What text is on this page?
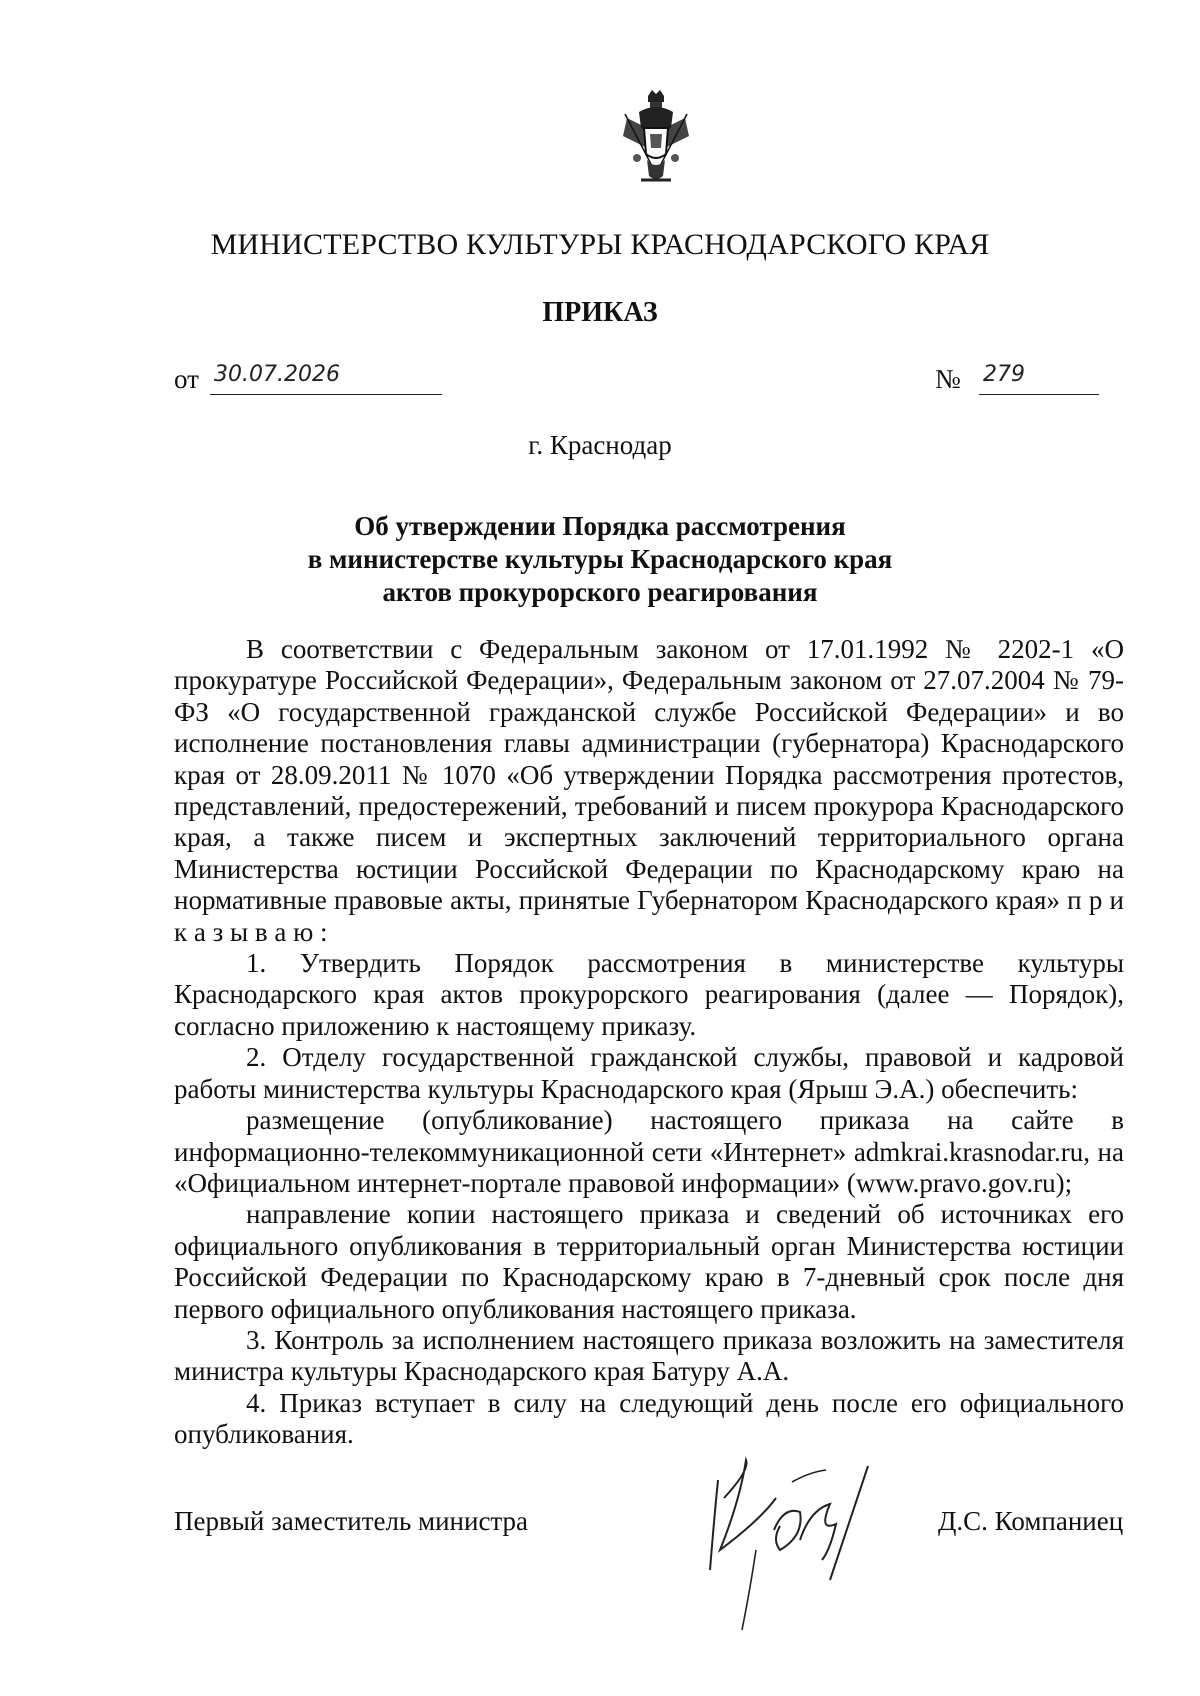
МИНИСТЕРСТВО КУЛЬТУРЫ КРАСНОДАРСКОГО КРАЯ
ПРИКАЗ
от 30.07.2026	№ 279
г. Краснодар
Об утверждении Порядка рассмотрения
в министерстве культуры Краснодарского края
актов прокурорского реагирования

В соответствии с Федеральным законом от 17.01.1992 № 2202-1 «О прокуратуре Российской Федерации», Федеральным законом от 27.07.2004 № 79-ФЗ «О государственной гражданской службе Российской Федерации» и во исполнение постановления главы администрации (губернатора) Краснодарского края от 28.09.2011 № 1070 «Об утверждении Порядка рассмотрения протестов, представлений, предостережений, требований и писем прокурора Краснодарского края, а также писем и экспертных заключений территориального органа Министерства юстиции Российской Федерации по Краснодарскому краю на нормативные правовые акты, принятые Губернатором Краснодарского края» п р и к а з ы в а ю :

1. Утвердить Порядок рассмотрения в министерстве культуры Краснодарского края актов прокурорского реагирования (далее — Порядок), согласно приложению к настоящему приказу.

2. Отделу государственной гражданской службы, правовой и кадровой работы министерства культуры Краснодарского края (Ярыш Э.А.) обеспечить:

размещение (опубликование) настоящего приказа на сайте в информационно-телекоммуникационной сети «Интернет» admkrai.krasnodar.ru, на «Официальном интернет-портале правовой информации» (www.pravo.gov.ru);

направление копии настоящего приказа и сведений об источниках его официального опубликования в территориальный орган Министерства юстиции Российской Федерации по Краснодарскому краю в 7-дневный срок после дня первого официального опубликования настоящего приказа.

3. Контроль за исполнением настоящего приказа возложить на заместителя министра культуры Краснодарского края Батуру А.А.

4. Приказ вступает в силу на следующий день после его официального опубликования.

Первый заместитель министра	Д.С. Компаниец
